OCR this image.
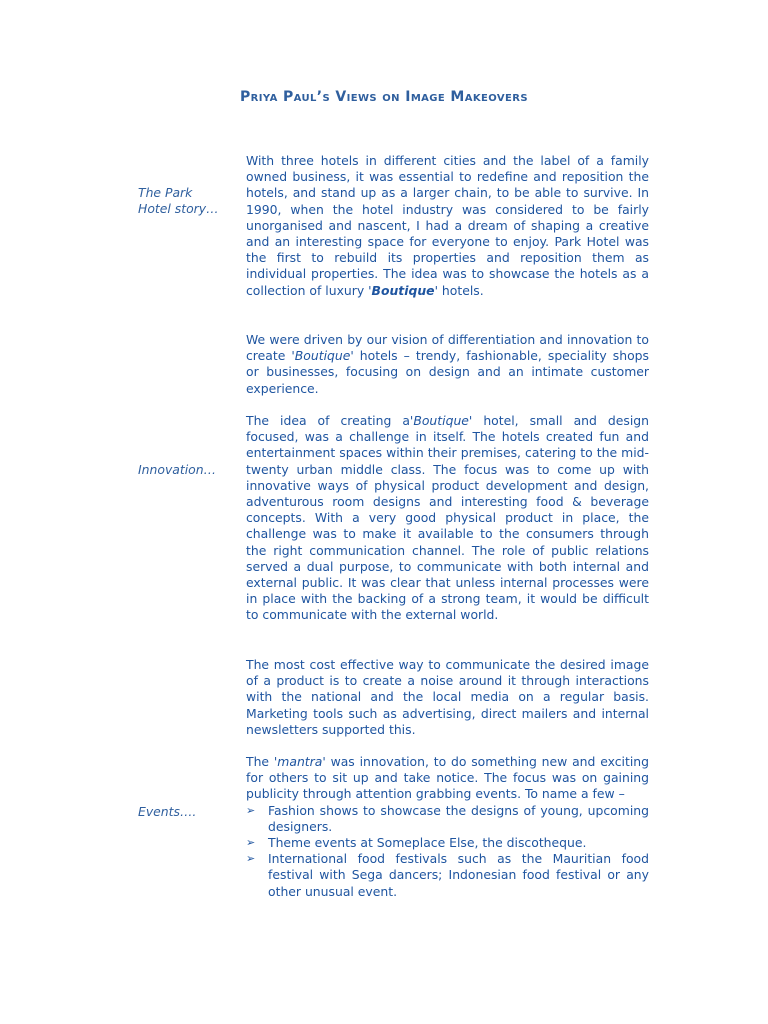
Priya Paul’s Views on Image Makeovers
The Park
Hotel story…
Innovation…
Events….

With three hotels in different cities and the label of a family owned business, it was essential to redefine and reposition the hotels, and stand up as a larger chain, to be able to survive. In 1990, when the hotel industry was considered to be fairly unorganised and nascent, I had a dream of shaping a creative and an interesting space for everyone to enjoy. Park Hotel was the first to rebuild its properties and reposition them as individual properties. The idea was to showcase the hotels as a collection of luxury 'Boutique' hotels.

We were driven by our vision of differentiation and innovation to create 'Boutique' hotels – trendy, fashionable, speciality shops or businesses, focusing on design and an intimate customer experience.

The idea of creating a'Boutique' hotel, small and design focused, was a challenge in itself. The hotels created fun and entertainment spaces within their premises, catering to the mid-twenty urban middle class. The focus was to come up with innovative ways of physical product development and design, adventurous room designs and interesting food & beverage concepts. With a very good physical product in place, the challenge was to make it available to the consumers through the right communication channel. The role of public relations served a dual purpose, to communicate with both internal and external public. It was clear that unless internal processes were in place with the backing of a strong team, it would be difficult to communicate with the external world.

The most cost effective way to communicate the desired image of a product is to create a noise around it through interactions with the national and the local media on a regular basis. Marketing tools such as advertising, direct mailers and internal newsletters supported this.

The 'mantra' was innovation, to do something new and exciting for others to sit up and take notice. The focus was on gaining publicity through attention grabbing events. To name a few –

➢ Fashion shows to showcase the designs of young, upcoming designers.
➢ Theme events at Someplace Else, the discotheque.
➢ International food festivals such as the Mauritian food festival with Sega dancers; Indonesian food festival or any other unusual event.
